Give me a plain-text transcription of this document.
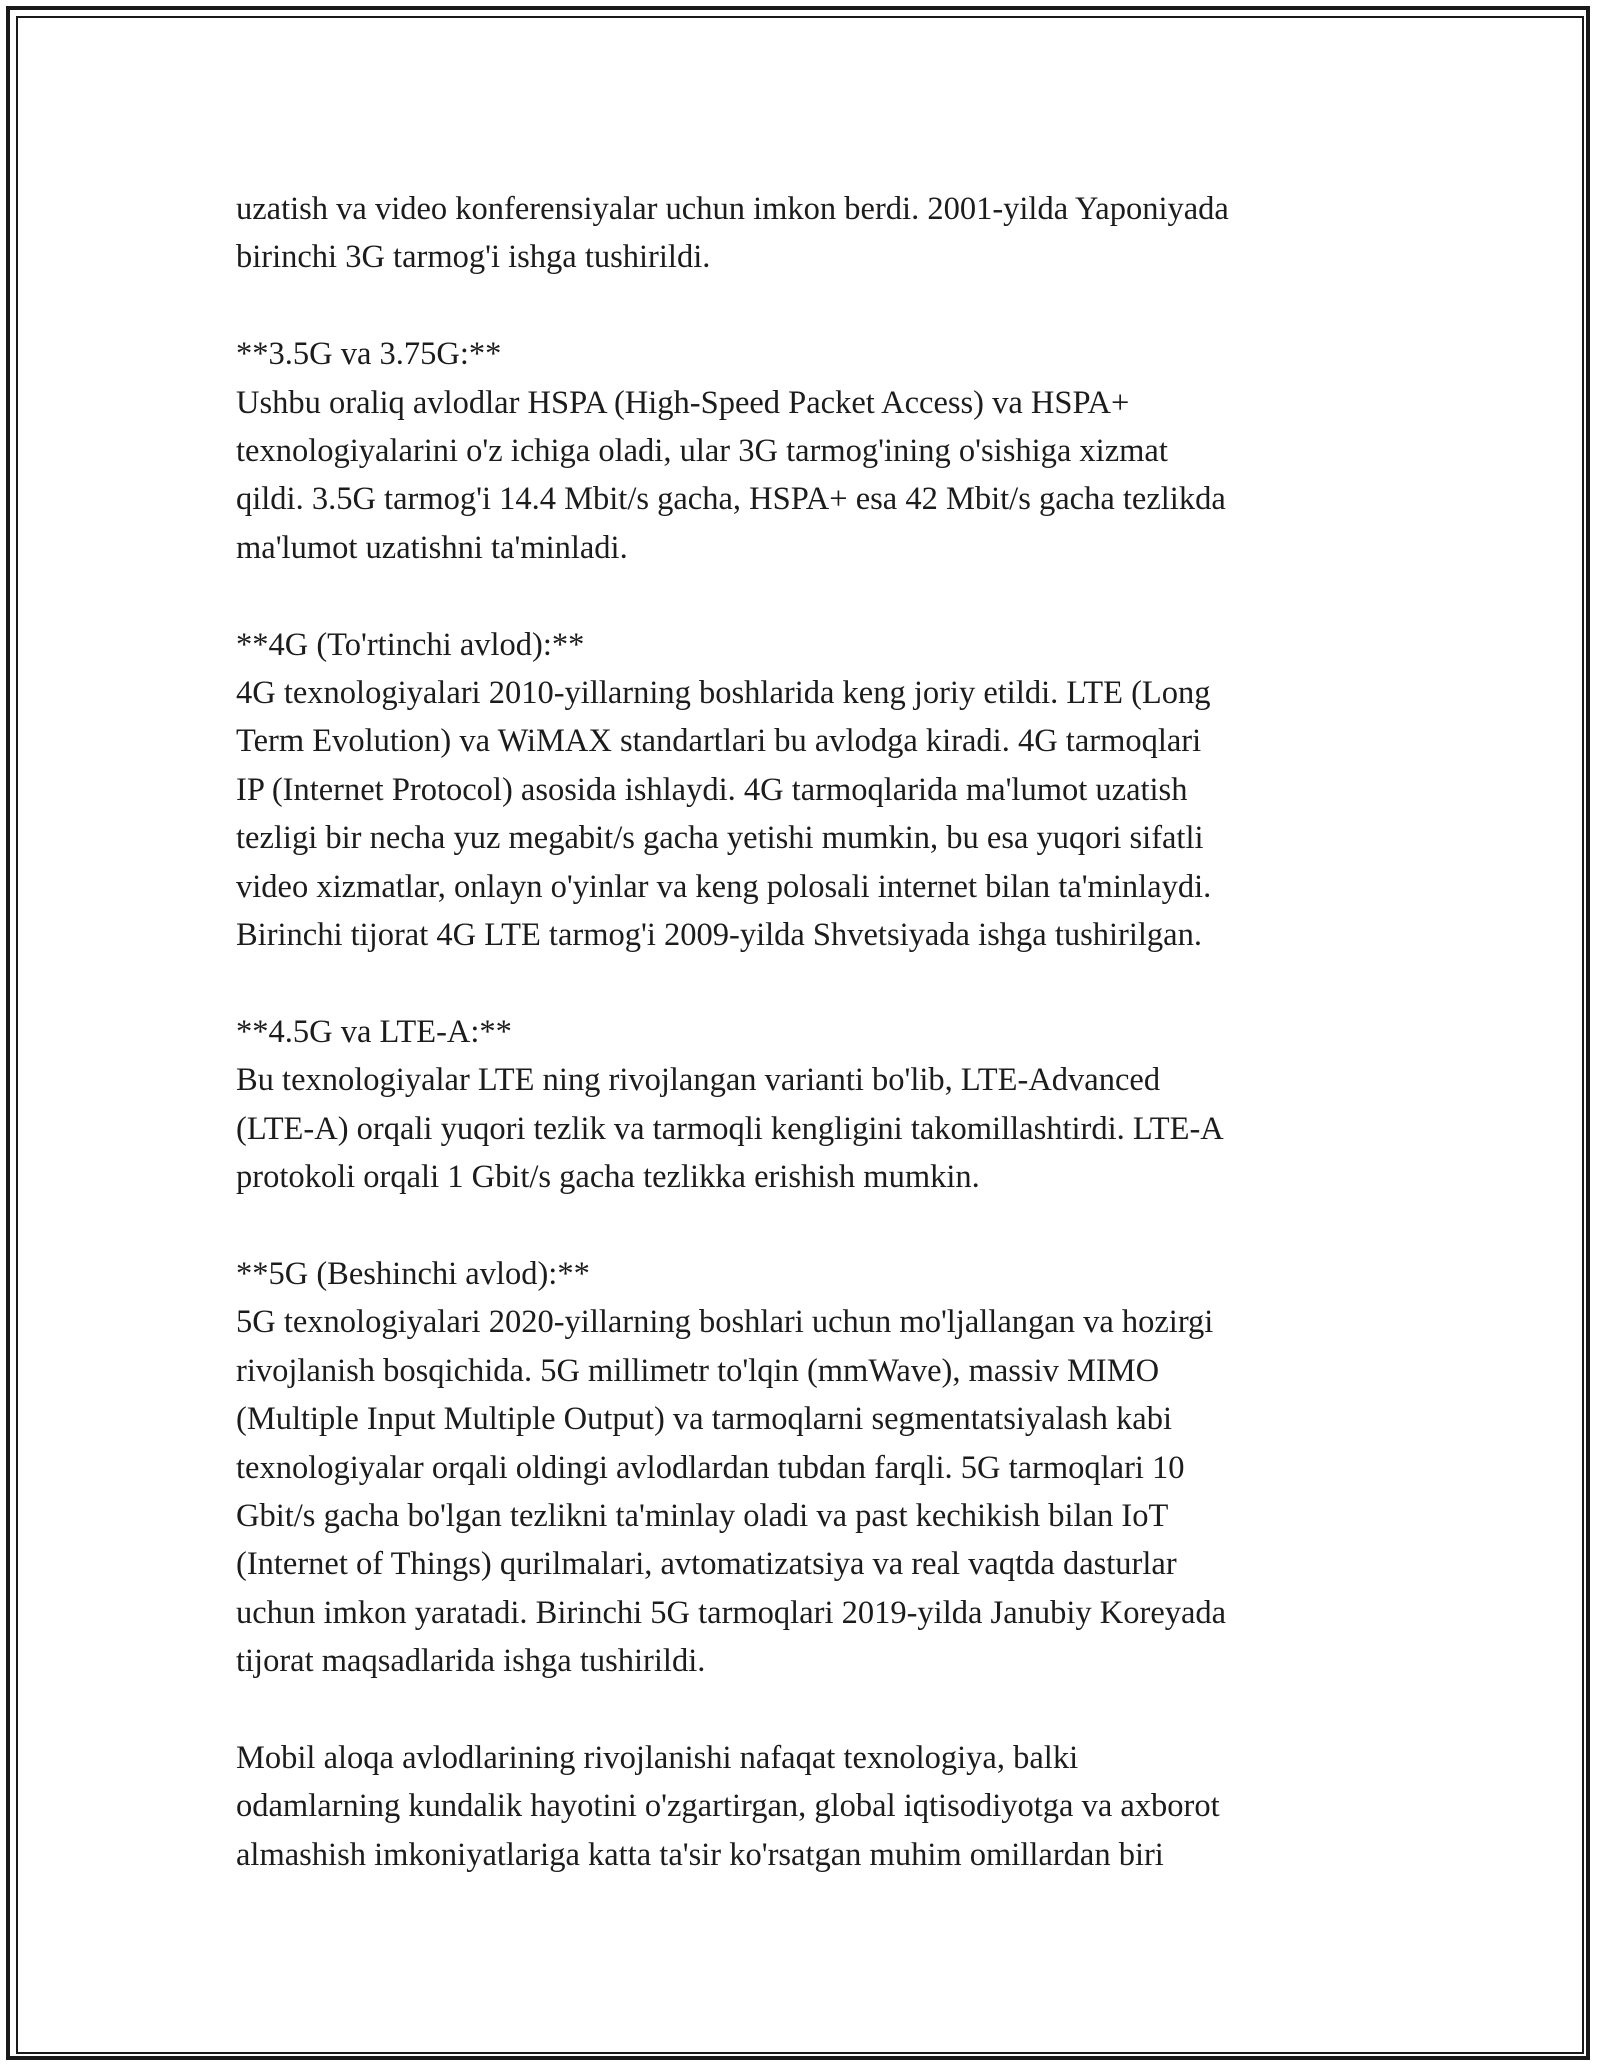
uzatish va video konferensiyalar uchun imkon berdi. 2001-yilda Yaponiyada
birinchi 3G tarmog'i ishga tushirildi.

**3.5G va 3.75G:**
Ushbu oraliq avlodlar HSPA (High-Speed Packet Access) va HSPA+
texnologiyalarini o'z ichiga oladi, ular 3G tarmog'ining o'sishiga xizmat
qildi. 3.5G tarmog'i 14.4 Mbit/s gacha, HSPA+ esa 42 Mbit/s gacha tezlikda
ma'lumot uzatishni ta'minladi.

**4G (To'rtinchi avlod):**
4G texnologiyalari 2010-yillarning boshlarida keng joriy etildi. LTE (Long
Term Evolution) va WiMAX standartlari bu avlodga kiradi. 4G tarmoqlari
IP (Internet Protocol) asosida ishlaydi. 4G tarmoqlarida ma'lumot uzatish
tezligi bir necha yuz megabit/s gacha yetishi mumkin, bu esa yuqori sifatli
video xizmatlar, onlayn o'yinlar va keng polosali internet bilan ta'minlaydi.
Birinchi tijorat 4G LTE tarmog'i 2009-yilda Shvetsiyada ishga tushirilgan.

**4.5G va LTE-A:**
Bu texnologiyalar LTE ning rivojlangan varianti bo'lib, LTE-Advanced
(LTE-A) orqali yuqori tezlik va tarmoqli kengligini takomillashtirdi. LTE-A
protokoli orqali 1 Gbit/s gacha tezlikka erishish mumkin.

**5G (Beshinchi avlod):**
5G texnologiyalari 2020-yillarning boshlari uchun mo'ljallangan va hozirgi
rivojlanish bosqichida. 5G millimetr to'lqin (mmWave), massiv MIMO
(Multiple Input Multiple Output) va tarmoqlarni segmentatsiyalash kabi
texnologiyalar orqali oldingi avlodlardan tubdan farqli. 5G tarmoqlari 10
Gbit/s gacha bo'lgan tezlikni ta'minlay oladi va past kechikish bilan IoT
(Internet of Things) qurilmalari, avtomatizatsiya va real vaqtda dasturlar
uchun imkon yaratadi. Birinchi 5G tarmoqlari 2019-yilda Janubiy Koreyada
tijorat maqsadlarida ishga tushirildi.

Mobil aloqa avlodlarining rivojlanishi nafaqat texnologiya, balki
odamlarning kundalik hayotini o'zgartirgan, global iqtisodiyotga va axborot
almashish imkoniyatlariga katta ta'sir ko'rsatgan muhim omillardan biri
